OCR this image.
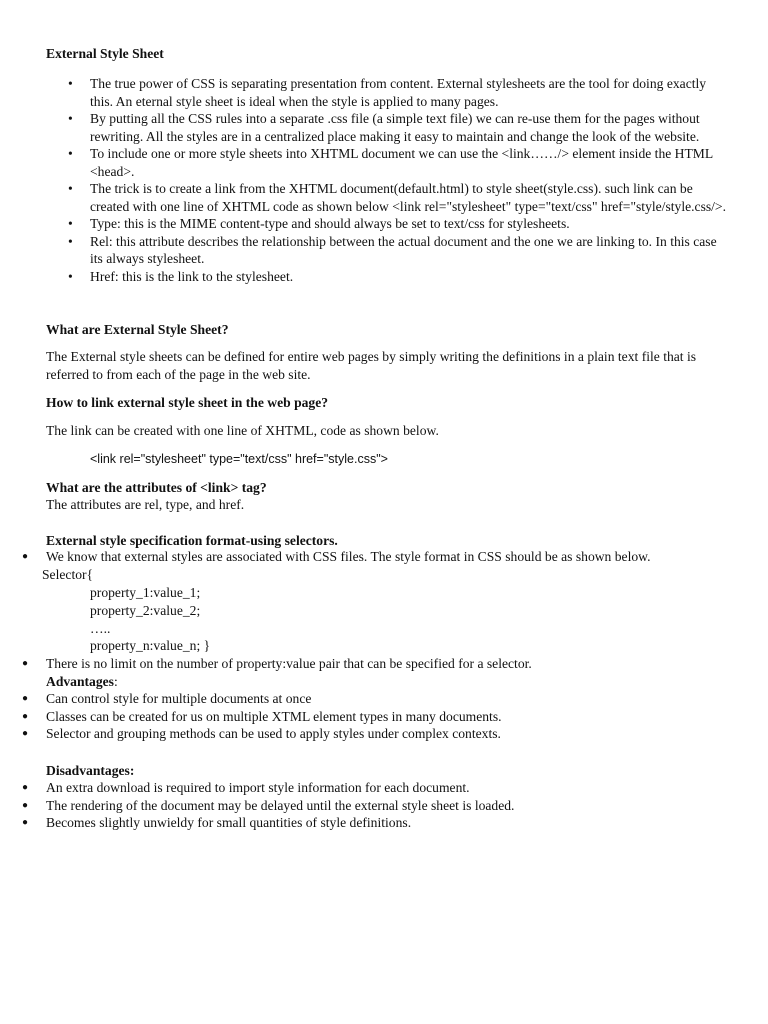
External Style Sheet
• The true power of CSS is separating presentation from content. External stylesheets are the tool for doing exactly this. An eternal style sheet is ideal when the style is applied to many pages.
• By putting all the CSS rules into a separate .css file (a simple text file) we can re-use them for the pages without rewriting. All the styles are in a centralized place making it easy to maintain and change the look of the website.
• To include one or more style sheets into XHTML document we can use the <link……/> element inside the HTML <head>.
• The trick is to create a link from the XHTML document(default.html) to style sheet(style.css). such link can be created with one line of XHTML code as shown below <link rel="stylesheet" type="text/css" href="style/style.css/>.
• Type: this is the MIME content-type and should always be set to text/css for stylesheets.
• Rel: this attribute describes the relationship between the actual document and the one we are linking to. In this case its always stylesheet.
• Href: this is the link to the stylesheet.
What are External Style Sheet?
The External style sheets can be defined for entire web pages by simply writing the definitions in a plain text file that is referred to from each of the page in the web site.
How to link external style sheet in the web page?
The link can be created with one line of XHTML, code as shown below.
<link rel="stylesheet" type="text/css" href="style.css">
What are the attributes of <link> tag?
The attributes are rel, type, and href.
External style specification format-using selectors.
● We know that external styles are associated with CSS files. The style format in CSS should be as shown below.
Selector{
property_1:value_1;
property_2:value_2;
…..
property_n:value_n; }
● There is no limit on the number of property:value pair that can be specified for a selector.
Advantages:
● Can control style for multiple documents at once
● Classes can be created for us on multiple XTML element types in many documents.
● Selector and grouping methods can be used to apply styles under complex contexts.
Disadvantages:
● An extra download is required to import style information for each document.
● The rendering of the document may be delayed until the external style sheet is loaded.
● Becomes slightly unwieldy for small quantities of style definitions.
